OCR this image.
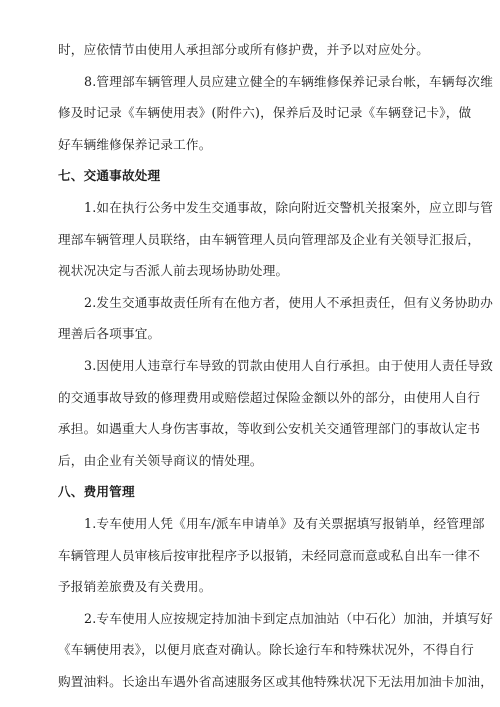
时，应依情节由使用人承担部分或所有修护费，并予以对应处分。
8.管理部车辆管理人员应建立健全的车辆维修保养记录台帐，车辆每次维
修及时记录《车辆使用表》(附件六)，保养后及时记录《车辆登记卡》，做
好车辆维修保养记录工作。
七、交通事故处理
1.如在执行公务中发生交通事故，除向附近交警机关报案外，应立即与管
理部车辆管理人员联络，由车辆管理人员向管理部及企业有关领导汇报后，
视状况决定与否派人前去现场协助处理。
2.发生交通事故责任所有在他方者，使用人不承担责任，但有义务协助办
理善后各项事宜。
3.因使用人违章行车导致的罚款由使用人自行承担。由于使用人责任导致
的交通事故导致的修理费用或赔偿超过保险金额以外的部分，由使用人自行
承担。如遇重大人身伤害事故，等收到公安机关交通管理部门的事故认定书
后，由企业有关领导商议的情处理。
八、费用管理
1.专车使用人凭《用车/派车申请单》及有关票据填写报销单，经管理部
车辆管理人员审核后按审批程序予以报销，未经同意而意或私自出车一律不
予报销差旅费及有关费用。
2.专车使用人应按规定持加油卡到定点加油站（中石化）加油，并填写好
《车辆使用表》，以便月底查对确认。除长途行车和特殊状况外，不得自行
购置油料。长途出车遇外省高速服务区或其他特殊状况下无法用加油卡加油，
